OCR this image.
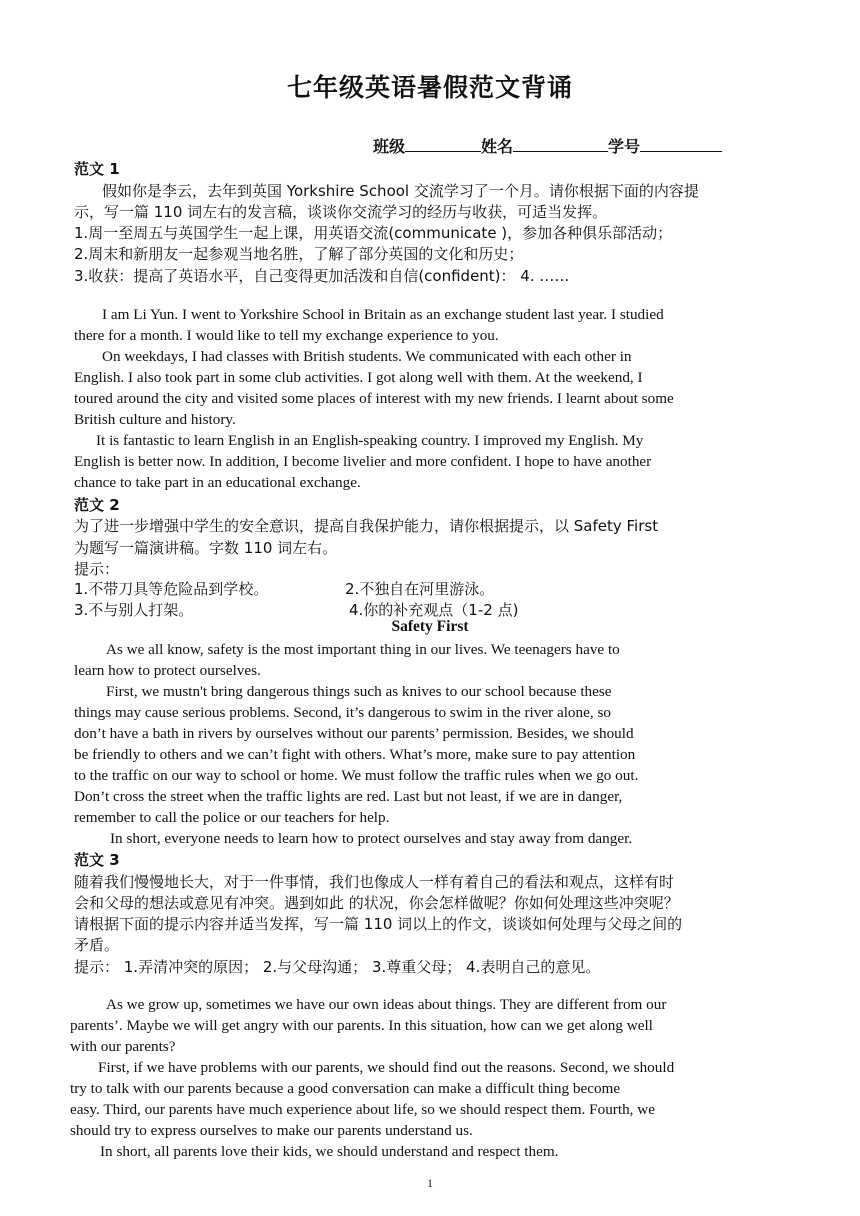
七年级英语暑假范文背诵
班级	姓名	学号
范文 1
假如你是李云，去年到英国 Yorkshire School 交流学习了一个月。请你根据下面的内容提
示，写一篇 110 词左右的发言稿，谈谈你交流学习的经历与收获，可适当发挥。
1.周一至周五与英国学生一起上课，用英语交流(communicate )，参加各种俱乐部活动；
2.周末和新朋友一起参观当地名胜，了解了部分英国的文化和历史；
3.收获：提高了英语水平，自己变得更加活泼和自信(confident)： 4. ……
I am Li Yun. I went to Yorkshire School in Britain as an exchange student last year. I studied
there for a month. I would like to tell my exchange experience to you.
On weekdays, I had classes with British students. We communicated with each other in
English. I also took part in some club activities. I got along well with them. At the weekend, I
toured around the city and visited some places of interest with my new friends. I learnt about some
British culture and history.
It is fantastic to learn English in an English-speaking country. I improved my English. My
English is better now. In addition, I become livelier and more confident. I hope to have another
chance to take part in an educational exchange.
范文 2
为了进一步增强中学生的安全意识，提高自我保护能力，请你根据提示，以 Safety First
为题写一篇演讲稿。字数 110 词左右。
提示：
1.不带刀具等危险品到学校。	2.不独自在河里游泳。
3.不与别人打架。	4.你的补充观点（1-2 点)
Safety First
As we all know, safety is the most important thing in our lives. We teenagers have to
learn how to protect ourselves.
First, we mustn't bring dangerous things such as knives to our school because these
things may cause serious problems. Second, it’s dangerous to swim in the river alone, so
don’t have a bath in rivers by ourselves without our parents’ permission. Besides, we should
be friendly to others and we can’t fight with others. What’s more, make sure to pay attention
to the traffic on our way to school or home. We must follow the traffic rules when we go out.
Don’t cross the street when the traffic lights are red. Last but not least, if we are in danger,
remember to call the police or our teachers for help.
In short, everyone needs to learn how to protect ourselves and stay away from danger.
范文 3
随着我们慢慢地长大，对于一件事情，我们也像成人一样有着自己的看法和观点，这样有时
会和父母的想法或意见有冲突。遇到如此 的状况，你会怎样做呢？你如何处理这些冲突呢？
请根据下面的提示内容并适当发挥，写一篇 110 词以上的作文，谈谈如何处理与父母之间的
矛盾。
提示： 1.弄清冲突的原因； 2.与父母沟通； 3.尊重父母； 4.表明自己的意见。
As we grow up, sometimes we have our own ideas about things. They are different from our
parents’. Maybe we will get angry with our parents. In this situation, how can we get along well
with our parents?
First, if we have problems with our parents, we should find out the reasons. Second, we should
try to talk with our parents because a good conversation can make a difficult thing become
easy. Third, our parents have much experience about life, so we should respect them. Fourth, we
should try to express ourselves to make our parents understand us.
In short, all parents love their kids, we should understand and respect them.
1
